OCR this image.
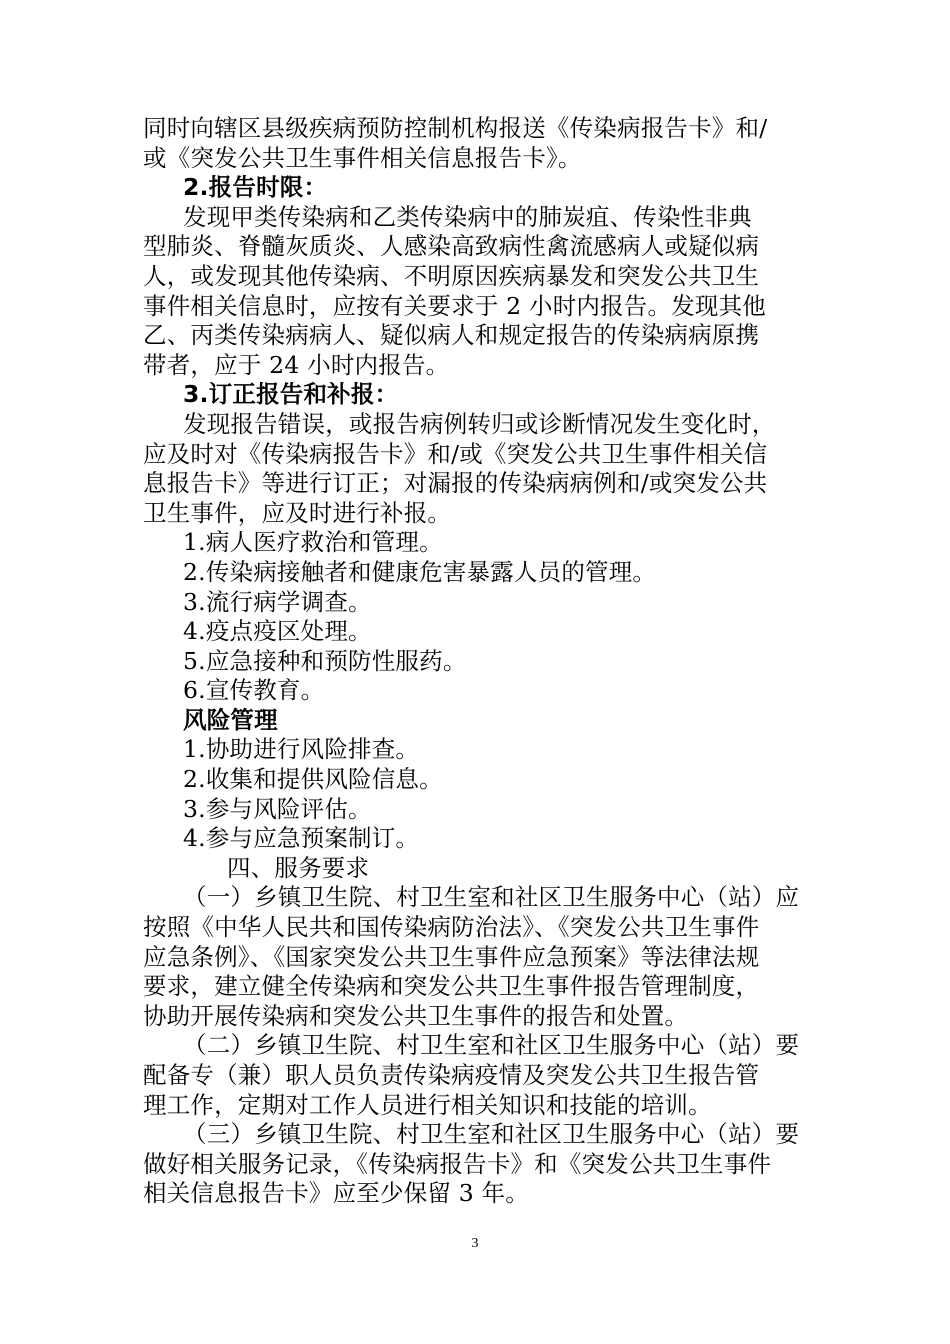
同时向辖区县级疾病预防控制机构报送《传染病报告卡》和/
或《突发公共卫生事件相关信息报告卡》。
2.报告时限：
发现甲类传染病和乙类传染病中的肺炭疽、传染性非典
型肺炎、脊髓灰质炎、人感染高致病性禽流感病人或疑似病
人，或发现其他传染病、不明原因疾病暴发和突发公共卫生
事件相关信息时，应按有关要求于 2 小时内报告。发现其他
乙、丙类传染病病人、疑似病人和规定报告的传染病病原携
带者，应于 24 小时内报告。
3.订正报告和补报：
发现报告错误，或报告病例转归或诊断情况发生变化时，
应及时对《传染病报告卡》和/或《突发公共卫生事件相关信
息报告卡》等进行订正；对漏报的传染病病例和/或突发公共
卫生事件，应及时进行补报。
1.病人医疗救治和管理。
2.传染病接触者和健康危害暴露人员的管理。
3.流行病学调查。
4.疫点疫区处理。
5.应急接种和预防性服药。
6.宣传教育。
风险管理
1.协助进行风险排查。
2.收集和提供风险信息。
3.参与风险评估。
4.参与应急预案制订。
四、服务要求
（一）乡镇卫生院、村卫生室和社区卫生服务中心（站）应
按照《中华人民共和国传染病防治法》、《突发公共卫生事件
应急条例》、《国家突发公共卫生事件应急预案》等法律法规
要求，建立健全传染病和突发公共卫生事件报告管理制度，
协助开展传染病和突发公共卫生事件的报告和处置。
（二）乡镇卫生院、村卫生室和社区卫生服务中心（站）要
配备专（兼）职人员负责传染病疫情及突发公共卫生报告管
理工作，定期对工作人员进行相关知识和技能的培训。
（三）乡镇卫生院、村卫生室和社区卫生服务中心（站）要
做好相关服务记录，《传染病报告卡》和《突发公共卫生事件
相关信息报告卡》应至少保留 3 年。
3
